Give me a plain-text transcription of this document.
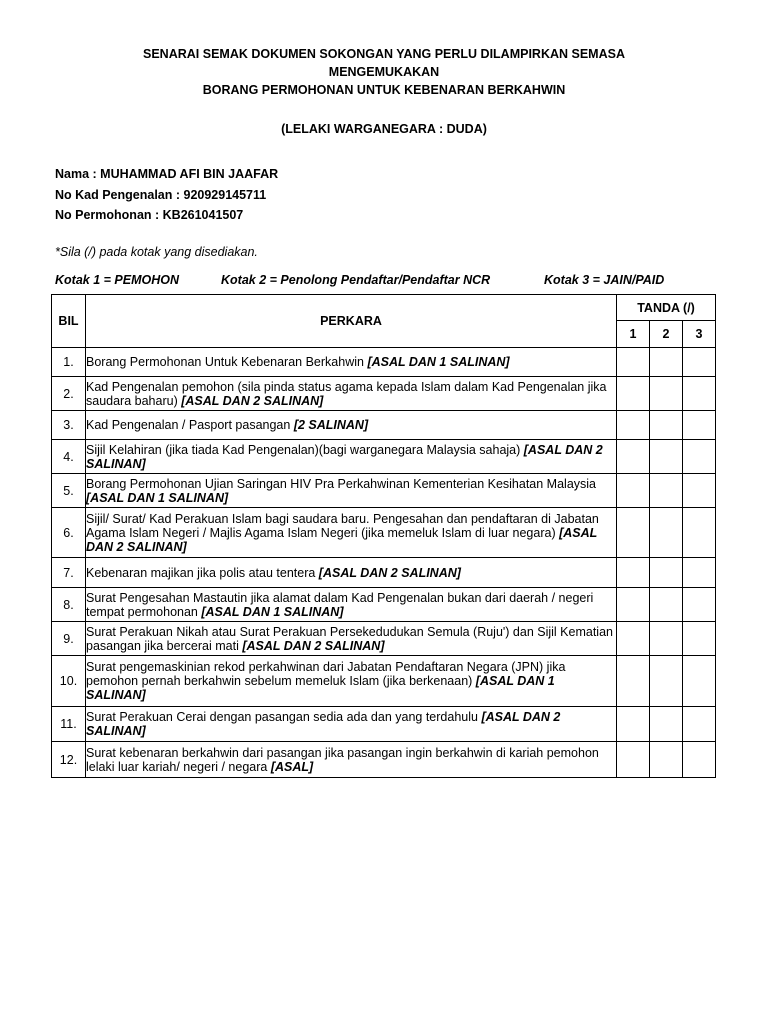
SENARAI SEMAK DOKUMEN SOKONGAN YANG PERLU DILAMPIRKAN SEMASA
MENGEMUKAKAN
BORANG PERMOHONAN UNTUK KEBENARAN BERKAHWIN
(LELAKI WARGANEGARA : DUDA)
Nama : MUHAMMAD AFI BIN JAAFAR
No Kad Pengenalan : 920929145711
No Permohonan : KB261041507
*Sila (/) pada kotak yang disediakan.
Kotak 1 = PEMOHON	Kotak 2 = Penolong Pendaftar/Pendaftar NCR	Kotak 3 = JAIN/PAID
BIL	PERKARA	TANDA (/)		
		1	2	3
1.	Borang Permohonan Untuk Kebenaran Berkahwin [ASAL DAN 1 SALINAN]			
2.	Kad Pengenalan pemohon (sila pinda status agama kepada Islam dalam Kad Pengenalan jika saudara baharu) [ASAL DAN 2 SALINAN]			
3.	Kad Pengenalan / Pasport pasangan [2 SALINAN]			
4.	Sijil Kelahiran (jika tiada Kad Pengenalan)(bagi warganegara Malaysia sahaja) [ASAL DAN 2 SALINAN]			
5.	Borang Permohonan Ujian Saringan HIV Pra Perkahwinan Kementerian Kesihatan Malaysia [ASAL DAN 1 SALINAN]			
6.	Sijil/ Surat/ Kad Perakuan Islam bagi saudara baru. Pengesahan dan pendaftaran di Jabatan Agama Islam Negeri / Majlis Agama Islam Negeri (jika memeluk Islam di luar negara) [ASAL DAN 2 SALINAN]			
7.	Kebenaran majikan jika polis atau tentera [ASAL DAN 2 SALINAN]			
8.	Surat Pengesahan Mastautin jika alamat dalam Kad Pengenalan bukan dari daerah / negeri tempat permohonan [ASAL DAN 1 SALINAN]			
9.	Surat Perakuan Nikah atau Surat Perakuan Persekedudukan Semula (Ruju') dan Sijil Kematian pasangan jika bercerai mati [ASAL DAN 2 SALINAN]			
10.	Surat pengemaskinian rekod perkahwinan dari Jabatan Pendaftaran Negara (JPN) jika pemohon pernah berkahwin sebelum memeluk Islam (jika berkenaan) [ASAL DAN 1 SALINAN]			
11.	Surat Perakuan Cerai dengan pasangan sedia ada dan yang terdahulu [ASAL DAN 2 SALINAN]			
12.	Surat kebenaran berkahwin dari pasangan jika pasangan ingin berkahwin di kariah pemohon lelaki luar kariah/ negeri / negara [ASAL]			
